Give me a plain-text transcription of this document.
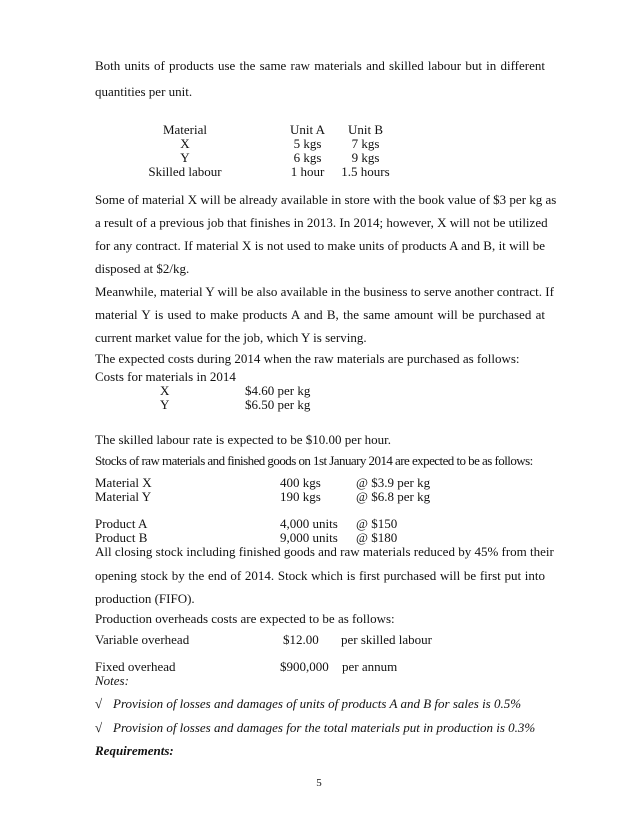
Both units of products use the same raw materials and skilled labour but in different
quantities per unit.
Material	Unit A	Unit B
X	5 kgs	7 kgs
Y	6 kgs	9 kgs
Skilled labour	1 hour	1.5 hours
Some of material X will be already available in store with the book value of $3 per kg as
a result of a previous job that finishes in 2013. In 2014; however, X will not be utilized
for any contract. If material X is not used to make units of products A and B, it will be
disposed at $2/kg.
Meanwhile, material Y will be also available in the business to serve another contract. If
material Y is used to make products A and B, the same amount will be purchased at
current market value for the job, which Y is serving.
The expected costs during 2014 when the raw materials are purchased as follows:
Costs for materials in 2014
X	$4.60 per kg
Y	$6.50 per kg
The skilled labour rate is expected to be $10.00 per hour.
Stocks of raw materials and finished goods on 1st January 2014 are expected to be as follows:
Material X	400 kgs	@ $3.9 per kg
Material Y	190 kgs	@ $6.8 per kg
Product A	4,000 units @ $150
Product B	9,000 units @ $180
All closing stock including finished goods and raw materials reduced by 45% from their
opening stock by the end of 2014. Stock which is first purchased will be first put into
production (FIFO).
Production overheads costs are expected to be as follows:
Variable overhead	$12.00 per skilled labour
Fixed overhead	$900,000 per annum
Notes:
√ Provision of losses and damages of units of products A and B for sales is 0.5%
√ Provision of losses and damages for the total materials put in production is 0.3%
Requirements:
5
